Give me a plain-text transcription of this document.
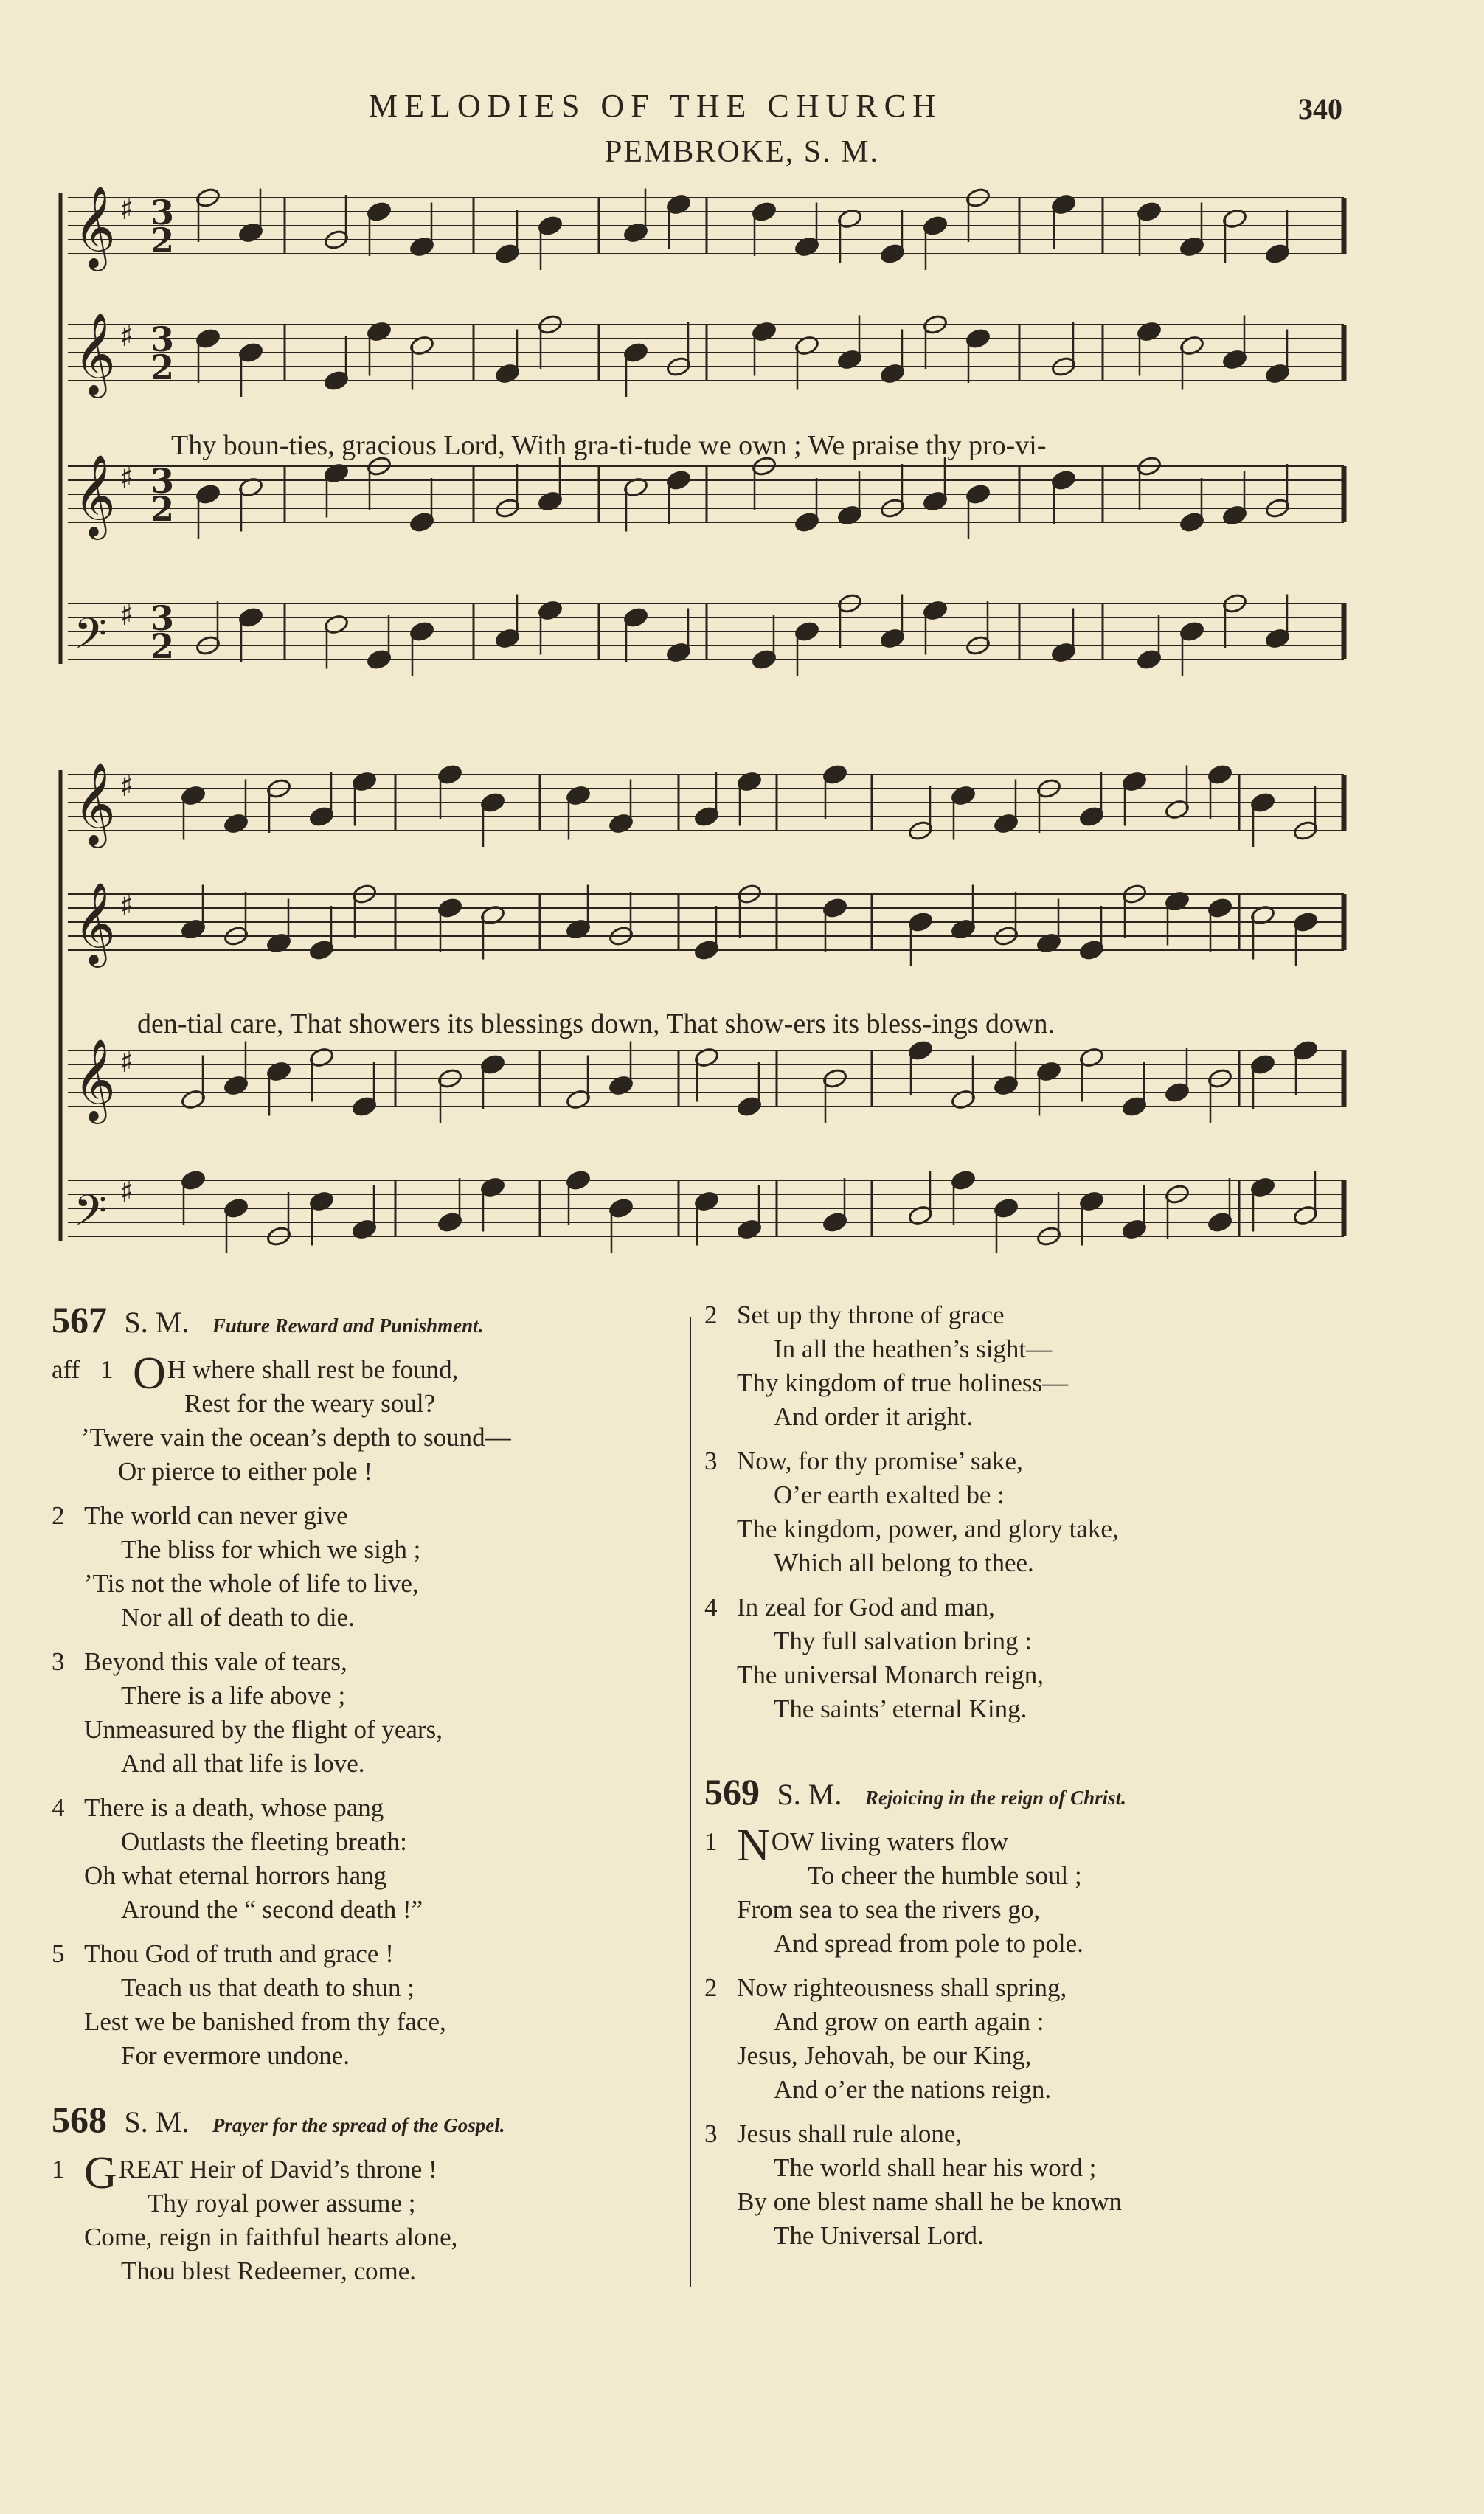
MELODIES OF THE CHURCH	340
PEMBROKE, S. M.
𝄞 ♯ 3
2
𝄞 ♯ 3
2
𝄞 ♯ 3
2
𝄢 ♯ 3
2
𝄞 ♯
𝄞 ♯
𝄞 ♯
𝄢 ♯
Thy boun-ties, gracious Lord, With gra-ti-tude we own ; We praise thy pro-vi-
den-tial care, That showers its blessings down, That show-ers its bless-ings down.
567 S. M. Future Reward and Punishment.
aff 1 OH where shall rest be found,
Rest for the weary soul?
’Twere vain the ocean’s depth to sound—
Or pierce to either pole !
2 The world can never give
The bliss for which we sigh ;
’Tis not the whole of life to live,
Nor all of death to die.
3 Beyond this vale of tears,
There is a life above ;
Unmeasured by the flight of years,
And all that life is love.
4 There is a death, whose pang
Outlasts the fleeting breath:
Oh what eternal horrors hang
Around the “ second death !”
5 Thou God of truth and grace !
Teach us that death to shun ;
Lest we be banished from thy face,
For evermore undone.
568 S. M. Prayer for the spread of the Gospel.
1 GREAT Heir of David’s throne !
Thy royal power assume ;
Come, reign in faithful hearts alone,
Thou blest Redeemer, come.
2 Set up thy throne of grace
In all the heathen’s sight—
Thy kingdom of true holiness—
And order it aright.
3 Now, for thy promise’ sake,
O’er earth exalted be :
The kingdom, power, and glory take,
Which all belong to thee.
4 In zeal for God and man,
Thy full salvation bring :
The universal Monarch reign,
The saints’ eternal King.
569 S. M. Rejoicing in the reign of Christ.
1 NOW living waters flow
To cheer the humble soul ;
From sea to sea the rivers go,
And spread from pole to pole.
2 Now righteousness shall spring,
And grow on earth again :
Jesus, Jehovah, be our King,
And o’er the nations reign.
3 Jesus shall rule alone,
The world shall hear his word ;
By one blest name shall he be known
The Universal Lord.
